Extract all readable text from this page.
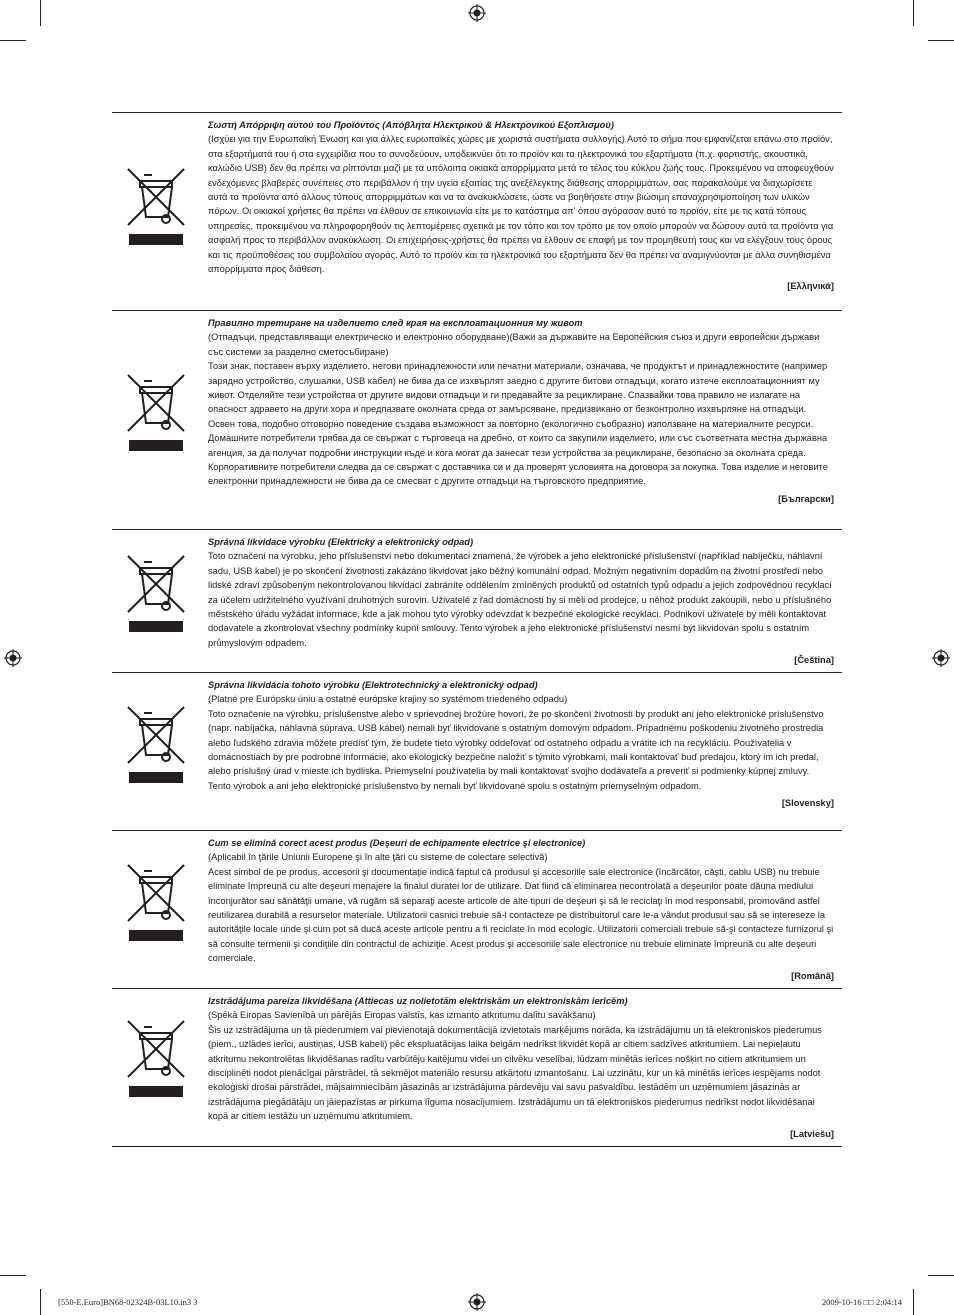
Σωστή Απόρριψη αυτού του Προϊόντος (Απόβλητα Ηλεκτρικού & Ηλεκτρονικού Εξοπλισμού)

(Ισχύει για την Ευρωπαϊκή Ένωση και για άλλες ευρωπαϊκές χώρες με χωριστά συστήματα συλλογής) Αυτό το σήμα που εμφανίζεται επάνω στο προϊόν, στα εξαρτήματά του ή στα εγχειρίδια που το συνοδεύουν, υποδεικνύει ότι το προϊόν και τα ηλεκτρονικά του εξαρτήματα (π.χ. φορτιστής, ακουστικά, καλώδιο USB) δεν θα πρέπει να ρίπτονται μαζί με τα υπόλοιπα οικιακά απορρίμματα μετά το τέλος του κύκλου ζωής τους. Προκειμένου να αποφευχθούν ενδεχόμενες βλαβερές συνέπειες στο περιβάλλον ή την υγεία εξαιτίας της ανεξέλεγκτης διάθεσης απορριμμάτων, σας παρακαλούμε να διαχωρίσετε αυτά τα προϊόντα από άλλους τύπους απορριμμάτων και να τα ανακυκλώσετε, ώστε να βοηθήσετε στην βιώσιμη επαναχρησιμοποίηση των υλικών πόρων. Οι οικιακοί χρήστες θα πρέπει να έλθουν σε επικοινωνία είτε με το κατάστημα απ' όπου αγόρασαν αυτό το προϊόν, είτε με τις κατά τόπους υπηρεσίες, προκειμένου να πληροφορηθούν τις λεπτομέρειες σχετικά με τον τόπο και τον τρόπο με τον οποίο μπορούν να δώσουν αυτά τα προϊόντα για ασφαλή προς το περιβάλλον ανακύκλωση. Οι επιχειρήσεις-χρήστες θα πρέπει να έλθουν σε επαφή με τον προμηθευτή τους και να ελέγξουν τους όρους και τις προϋποθέσεις του συμβολαίου αγοράς. Αυτό το προϊόν και τα ηλεκτρονικά του εξαρτήματα δεν θα πρέπει να αναμιγνύονται με άλλα συνηθισμένα απορρίμματα προς διάθεση.

[Ελληνικά]

Правилно третиране на изделието след края на експлоатационния му живот

(Отпадъци, представляващи електрическо и електронно оборудване)(Важи за държавите на Европейския съюз и други европейски държави със системи за разделно сметосъбиране)

Този знак, поставен върху изделието, негови принадлежности или печатни материали, означава, че продуктът и принадлежностите (например зарядно устройство, слушалки, USB кабел) не бива да се изхвърлят заедно с другите битови отпадъци, когато изтече експлоатационният му живот. Отделяйте тези устройства от другите видови отпадъци и ги предавайте за рециклиране. Спазвайки това правило не излагате на опасност здравето на други хора и предпазвате околната среда от замърсяване, предизвикано от безконтролно изхвърляне на отпадъци. Освен това, подобно отговорно поведение създава възможност за повторно (екологично съобразно) използване на материалните ресурси. Домашните потребители трябва да се свържат с търговеца на дребно, от които са закупили изделието, или със съответната местна държавна агенция, за да получат подробни инструкции къде и кога могат да занесат тези устройства за рециклиране, безопасно за околната среда. Корпоративните потребители следва да се свържат с доставчика си и да проверят условията на договора за покупка. Това изделие и неговите електронни принадлежности не бива да се смесват с другите отпадъци на търговското предприятие.

[Български]

Správná likvidace výrobku (Elektrický a elektronický odpad)

Toto označení na výrobku, jeho příslušenství nebo dokumentaci znamená, že výrobek a jeho elektronické příslušenství (například nabíječku, náhlavní sadu, USB kabel) je po skončení životnosti zakázáno likvidovat jako běžný komunální odpad. Možným negativním dopadům na životní prostředí nebo lidské zdraví způsobeným nekontrolovanou likvidací zabráníte oddělením zmíněných produktů od ostatních typů odpadu a jejich zodpovědnou recyklací za účelem udržitelného využívání druhotných surovin. Uživatelé z řad domácností by si měli od prodejce, u něhož produkt zakoupili, nebo u příslušného městského úřadu vyžádat informace, kde a jak mohou tyto výrobky odevzdat k bezpečné ekologické recyklaci. Podnikoví uživatelé by měli kontaktovat dodavatele a zkontrolovat všechny podmínky kupní smlouvy. Tento výrobek a jeho elektronické příslušenství nesmí být likvidován spolu s ostatním průmyslovým odpadem.

[Čeština]

Správna likvidácia tohoto výrobku (Elektrotechnický a elektronický odpad)

(Platné pre Európsku úniu a ostatné európske krajiny so systémom triedeného odpadu)

Toto označenie na výrobku, príslušenstve alebo v sprievodnej brožúre hovorí, že po skončení životnosti by produkt ani jeho elektronické príslušenstvo (napr. nabíjačka, náhlavná súprava, USB kábel) nemali byť likvidované s ostatným domovým odpadom. Prípadnému poškodeniu životného prostredia alebo ľudského zdravia môžete predísť tým, že budete tieto výrobky oddeľovať od ostatného odpadu a vrátite ich na recykláciu. Používatelia v domácnostiach by pre podrobné informácie, ako ekologicky bezpečne naložiť s týmito výrobkami, mali kontaktovať buď predajcu, ktorý im ich predal, alebo príslušný úrad v mieste ich bydliska. Priemyselní používatelia by mali kontaktovať svojho dodávateľa a preveriť si podmienky kúpnej zmluvy. Tento výrobok a ani jeho elektronické príslušenstvo by nemali byť likvidované spolu s ostatným priemyselným odpadom.

[Slovensky]

Cum se elimină corect acest produs (Deşeuri de echipamente electrice şi electronice)

(Aplicabil în ţările Uniunii Europene şi în alte ţări cu sisteme de colectare selectivă)

Acest simbol de pe produs, accesorii şi documentaţie indică faptul că produsul şi accesoriile sale electronice (încărcător, căşti, cablu USB) nu trebuie eliminate împreună cu alte deşeuri menajere la finalul duratei lor de utilizare. Dat fiind că eliminarea necontrolată a deşeurilor poate dăuna mediului înconjurător sau sănătăţii umane, vă rugăm să separaţi aceste articole de alte tipuri de deşeuri şi să le reciclaţi în mod responsabil, promovând astfel reutilizarea durabilă a resurselor materiale. Utilizatorii casnici trebuie să-l contacteze pe distribuitorul care le-a vândut produsul sau să se intereseze la autorităţile locale unde şi cum pot să ducă aceste articole pentru a fi reciclate în mod ecologic. Utilizatorii comerciali trebuie să-şi contacteze furnizorul şi să consulte termenii şi condiţiile din contractul de achiziţie. Acest produs şi accesoriile sale electronice nu trebuie eliminate împreună cu alte deşeuri comerciale.

[Română]

Izstrādājuma pareiza likvidēšana (Attiecas uz nolietotām elektriskām un elektroniskām ierīcēm)

(Spēkā Eiropas Savienībā un pārējās Eiropas valstīs, kas izmanto atkritumu dalītu savākšanu)

Šis uz izstrādājuma un tā piederumiem vai pievienotajā dokumentācijā izvietotais marķējums norāda, ka izstrādājumu un tā elektroniskos piederumus (piem., uzlādes ierīci, austiņas, USB kabeli) pēc ekspluatācijas laika beigām nedrīkst likvidēt kopā ar citiem sadzīves atkritumiem. Lai nepieļautu atkritumu nekontrolētas likvidēšanas radītu varbūtēju kaitējumu videi un cilvēku veselībai, lūdzam minētās ierīces nošķirt no citiem atkritumiem un disciplinēti nodot pienācīgai pārstrādei, tā sekmējot materiālo resursu atkārtotu izmantošanu. Lai uzzinātu, kur un kā minētās ierīces iespējams nodot ekoloģiski drošai pārstrādei, mājsaimniecībām jāsazinās ar izstrādājuma pārdevēju vai savu pašvaldību. Iestādēm un uzņēmumiem jāsazinās ar izstrādājuma piegādātāju un jāiepazīstas ar pirkuma līguma nosacījumiem. Izstrādājumu un tā elektroniskos piederumus nedrīkst nodot likvidēšanai kopā ar citiem iestāžu un uzņēmumu atkritumiem.

[Latviešu]
[550-E.Euro]BN68-02324B-03L10.in3 3	2009-10-16 □□ 2:04:14
